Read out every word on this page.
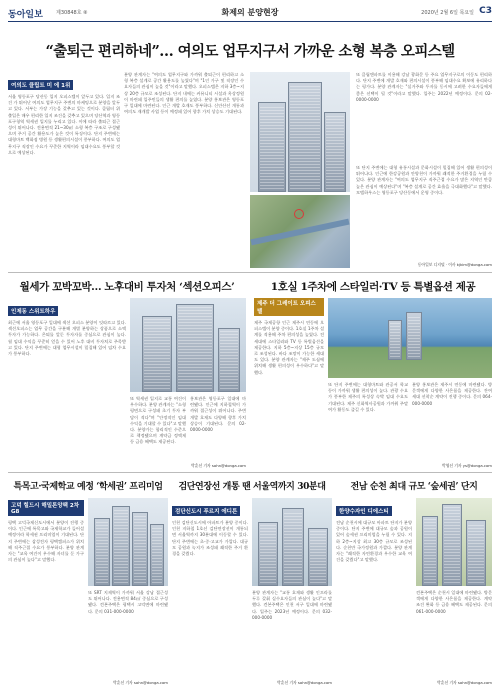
동아일보	제30848호 ⑧	화제의 분양현장	2020년 2월 6일 목요일 C3
“출퇴근 편리하네”… 여의도 업무지구서 가까운 소형 복층 오피스텔
여의도 클립트 미 에 1위
서울 영등포구 당산동 입지 오피스텔이 앞두고 있다. 입지 조건 가 뛰어난 여의도 업무지구 주변의 마케팅으로 분양을 앞두고 있다. 서부는 가장 기능을 갖추고 있는 것이다. 클립터 위 출입은 매우 편리한 입지 조건을 갖추고 있으며 당산역과 영등포구청역 역세권 입지를 누리고 있다. 이에 따라 출퇴근 접근성이 뛰어나다. 전용면적 21~30㎡ 소형 복층 구조로 구성됐으며 주거 공간 활용도가 높은 것이 특징이다. 단지 주변에는 대형마트 백화점 병원 등 생활편의시설이 풍부하다. 여의도 업무지구 직장인 수요가 꾸준한 지역이라 임대수요도 풍부할 것으로 예상된다.
분양 관계자는 "여의도 업무지구와 가까워 출퇴근이 편리하고 소형 복층 설계로 공간 활용도를 높였다"며 "1인 가구 및 직장인 수요자들의 관심이 높을 것"이라고 말했다. 오피스텔은 지하 3층~지상 20층 규모로 조성된다. 단지 내에는 커뮤니티 시설과 옥상정원이 마련돼 입주민들의 생활 편의를 높였다. 분양 홍보관은 영등포구 일대에 마련된다. 인근 개발 호재도 풍부하다. 신안산선 개통과 여의도 재개발 사업 등이 예정돼 있어 향후 가치 상승도 기대된다.
또 클립앤파트를 이용해 강남 광화문 등 주요 업무지구로의 이동도 편리하다. 단지 주변에 개발 호재와 편의시설이 풍부해 임대수요 확보에 유리하다는 평가다. 분양 관계자는 "실거주와 투자를 동시에 고려한 수요자들에게 좋은 선택이 될 것"이라고 말했다. 입주는 2022년 예정이다. 문의 02-0000-0000
또 단지 주변에는 대형 유통시설과 문화시설이 밀집해 있어 생활 편의성이 뛰어나다. 인근에 한강공원과 안양천이 가까워 쾌적한 주거환경을 누릴 수 있다. 분양 관계자는 "여의도 업무지구 직주근접 수요가 많은 지역인 만큼 높은 관심이 예상된다"며 "복층 설계로 공간 효율을 극대화했다"고 말했다. 모델하우스는 영등포구 당산동에서 운영 중이다.
동아일보 디지털 · 이사 kjkim@donga.com
월세가 꼬박꼬박… 노후대비 투자처 ‘섹션오피스’
인제동 스위트하우
최근에 서울 영등포구 일대에 섹션 오피스 분양이 잇따르고 있다. 섹션오피스는 업무 공간을 구분해 개별 분양하는 상품으로 소액 투자가 가능하다. 은퇴를 앞둔 투자자를 중심으로 관심이 높다. 월 임대 수익을 꾸준히 얻을 수 있어 노후 대비 투자처로 주목받고 있다. 단지 주변에는 대형 업무시설이 밀집해 있어 임차 수요가 풍부하다.
또 역세권 입지로 교통 여건이 우수하다. 분양 관계자는 "소형 평면으로 구성돼 초기 투자 부담이 적다"며 "안정적인 임대 수익을 기대할 수 있다"고 말했다. 분양가는 합리적인 수준으로 책정됐으며 계약금 정액제 등 금융 혜택도 제공된다.
홍보관은 영등포구 일대에 마련됐다. 인근에 지하철역이 가까워 접근성이 뛰어나다. 주변 개발 호재도 다양해 향후 가치 상승이 기대된다. 문의 02-0000-0000
박훈선 기자 sohn@donga.com
1호실 1주차에 스타일러·TV 등 특별옵션 제공
제주 더 그레이트 오피스텔
제주 국제공항 인근 제주시 연동에 오피스텔이 분양 중이다. 1호실 1주차 설계를 적용해 주차 편의성을 높였다. 전 세대에 스타일러와 TV 등 특별옵션을 제공한다. 지하 5층~지상 15층 규모로 조성된다. 바다 조망이 가능한 세대도 있다. 분양 관계자는 "제주 도심에 위치해 생활 편의성이 우수하다"고 말했다.
또 단지 주변에는 대형마트와 관공서 학교 등이 가까워 생활 편의성이 높다. 관광 수요가 풍부한 제주의 특성상 숙박 임대 수요도 기대된다. 제주 신화역사공원과 가까워 주말 여가 활동도 즐길 수 있다.
분양 홍보관은 제주시 연동에 마련됐다. 방문객에게 다양한 사은품을 제공한다. 잔여 세대 선착순 계약이 진행 중이다. 문의 064-000-0000
박영선 기자 ys@donga.com
특목고·국제학교 예정 ‘학세권’ 프리미엄
고덕 힐드시 해밀톤앙팩 2차 G8
평택 고덕국제신도시에서 분양이 진행 중이다. 인근에 특목고와 국제학교가 들어설 예정이라 학세권 프리미엄이 기대된다. 단지 주변에는 삼성전자 평택캠퍼스가 위치해 직주근접 수요가 풍부하다. 분양 관계자는 "교육 여건이 우수해 자녀를 둔 가구의 관심이 높다"고 말했다.
또 SRT 지제역이 가까워 서울 강남 접근성도 뛰어나다. 전용면적 84㎡ 중심으로 구성됐다. 견본주택은 평택시 고덕면에 마련됐다. 문의 031-000-0000
박훈선 기자 sohn@donga.com
검단연장선 개통 땐 서울역까지 30분대
검단신도시 푸르지 에디튼
인천 검단신도시에 아파트가 분양 중이다. 인천 지하철 1호선 검단연장선이 개통되면 서울역까지 30분대에 이동할 수 있다. 단지 주변에는 초·중·고교가 가깝다. 대규모 공원과 녹지가 조성돼 쾌적한 주거 환경을 갖췄다.
분양 관계자는 "교통 호재와 생활 인프라를 두루 갖춰 실수요자들의 관심이 높다"고 말했다. 견본주택은 인천 서구 일대에 마련됐다. 입주는 2023년 예정이다. 문의 032-000-0000
박훈선 기자 sohn@donga.com
전남 순천 최대 규모 ‘숲세권’ 단지
한양수자인 디에스티
전남 순천시에 대규모 아파트 단지가 분양 중이다. 단지 주변에 대규모 숲과 공원이 있어 숲세권 프리미엄을 누릴 수 있다. 지하 2층~지상 최고 30층 규모로 조성된다. 순천만 국가정원과 가깝다. 분양 관계자는 "쾌적한 자연환경과 우수한 교육 여건을 갖췄다"고 말했다.
견본주택은 순천시 일대에 마련됐다. 방문객에게 다양한 사은품을 제공한다. 계약 조건 완화 등 금융 혜택도 제공된다. 문의 061-000-0000
박훈선 기자 sohn@donga.com
